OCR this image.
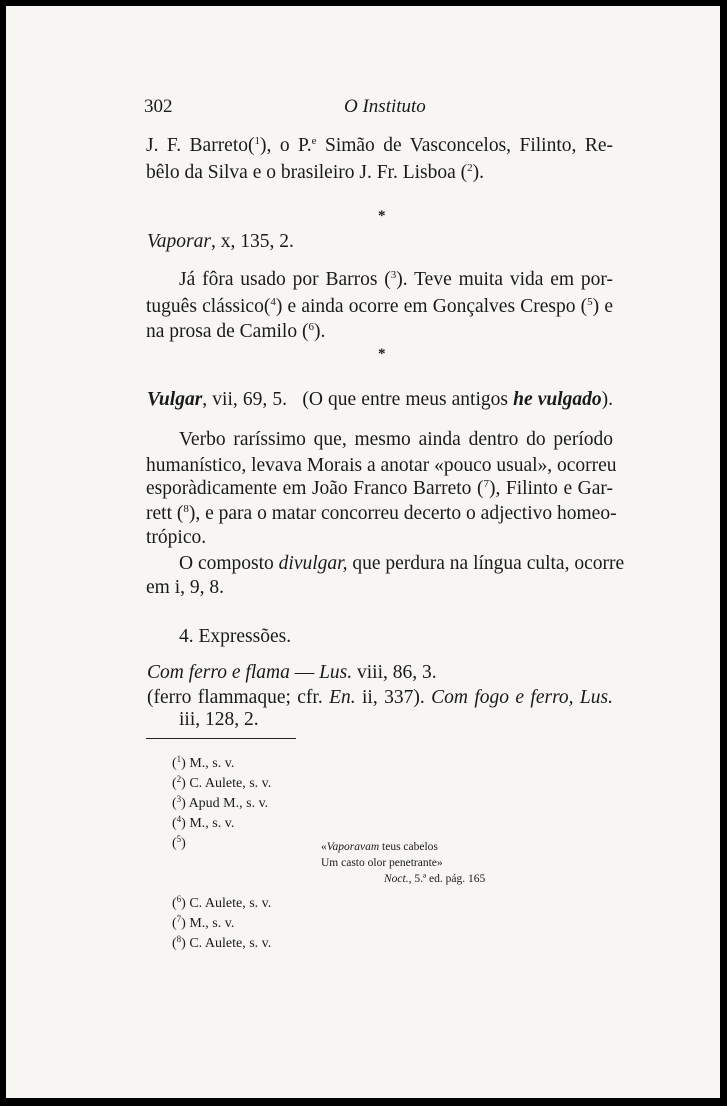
302	O Instituto
J. F. Barreto($^1$), o P.$^e$ Simão de Vasconcelos, Filinto, Re-
bêlo da Silva e o brasileiro J. Fr. Lisboa ($^2$).
*
Vaporar, x, 135, 2.
Já fôra usado por Barros ($^3$). Teve muita vida em por-
tuguês clássico($^4$) e ainda ocorre em Gonçalves Crespo ($^5$) e
na prosa de Camilo ($^6$).
*
Vulgar, vii, 69, 5. (O que entre meus antigos he vulgado).
Verbo raríssimo que, mesmo ainda dentro do período
humanístico, levava Morais a anotar «pouco usual», ocorreu
esporàdicamente em João Franco Barreto ($^7$), Filinto e Gar-
rett ($^8$), e para o matar concorreu decerto o adjectivo homeo-
trópico.
O composto divulgar, que perdura na língua culta, ocorre
em i, 9, 8.
4. Expressões.
Com ferro e flama — Lus. viii, 86, 3.
(ferro flammaque; cfr. En. ii, 337). Com fogo e ferro, Lus.
iii, 128, 2.
($^1$) M., s. v.
($^2$) C. Aulete, s. v.
($^3$) Apud M., s. v.
($^4$) M., s. v.
($^5$)	«Vaporavam teus cabelos
Um casto olor penetrante»
Noct., 5.ª ed. pág. 165
($^6$) C. Aulete, s. v.
($^7$) M., s. v.
($^8$) C. Aulete, s. v.
